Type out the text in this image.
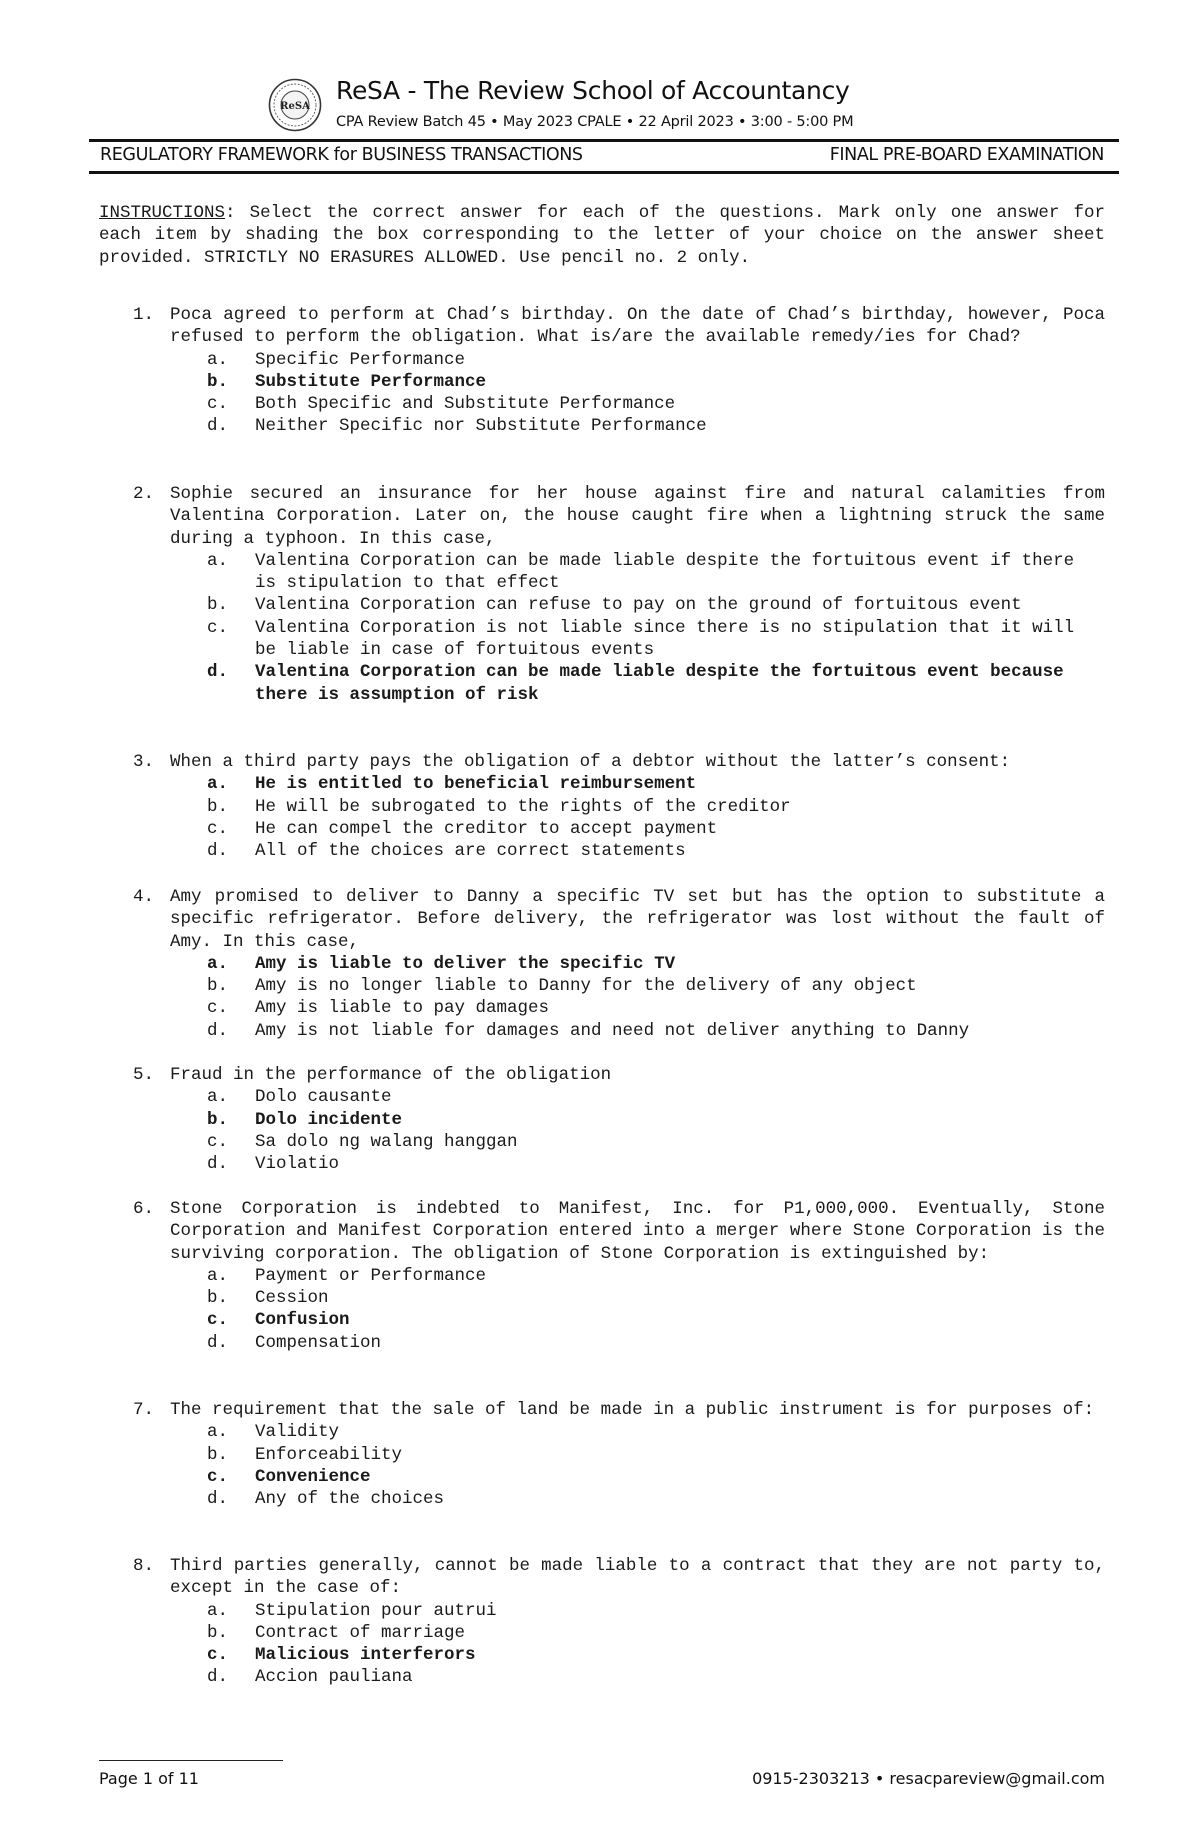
ReSA
ReSA - The Review School of Accountancy
CPA Review Batch 45 • May 2023 CPALE • 22 April 2023 • 3:00 - 5:00 PM
REGULATORY FRAMEWORK for BUSINESS TRANSACTIONS	FINAL PRE-BOARD EXAMINATION
INSTRUCTIONS: Select the correct answer for each of the questions. Mark only one answer for each item by shading the box corresponding to the letter of your choice on the answer sheet provided. STRICTLY NO ERASURES ALLOWED. Use pencil no. 2 only.
1. Poca agreed to perform at Chad’s birthday. On the date of Chad’s birthday, however, Poca refused to perform the obligation. What is/are the available remedy/ies for Chad?
a. Specific Performance
b. Substitute Performance
c. Both Specific and Substitute Performance
d. Neither Specific nor Substitute Performance
2. Sophie secured an insurance for her house against fire and natural calamities from Valentina Corporation. Later on, the house caught fire when a lightning struck the same during a typhoon. In this case,
a. Valentina Corporation can be made liable despite the fortuitous event if there is stipulation to that effect
b. Valentina Corporation can refuse to pay on the ground of fortuitous event
c. Valentina Corporation is not liable since there is no stipulation that it will be liable in case of fortuitous events
d. Valentina Corporation can be made liable despite the fortuitous event because there is assumption of risk
3. When a third party pays the obligation of a debtor without the latter’s consent:
a. He is entitled to beneficial reimbursement
b. He will be subrogated to the rights of the creditor
c. He can compel the creditor to accept payment
d. All of the choices are correct statements
4. Amy promised to deliver to Danny a specific TV set but has the option to substitute a specific refrigerator. Before delivery, the refrigerator was lost without the fault of Amy. In this case,
a. Amy is liable to deliver the specific TV
b. Amy is no longer liable to Danny for the delivery of any object
c. Amy is liable to pay damages
d. Amy is not liable for damages and need not deliver anything to Danny
5. Fraud in the performance of the obligation
a. Dolo causante
b. Dolo incidente
c. Sa dolo ng walang hanggan
d. Violatio
6. Stone Corporation is indebted to Manifest, Inc. for P1,000,000. Eventually, Stone Corporation and Manifest Corporation entered into a merger where Stone Corporation is the surviving corporation. The obligation of Stone Corporation is extinguished by:
a. Payment or Performance
b. Cession
c. Confusion
d. Compensation
7. The requirement that the sale of land be made in a public instrument is for purposes of:
a. Validity
b. Enforceability
c. Convenience
d. Any of the choices
8. Third parties generally, cannot be made liable to a contract that they are not party to, except in the case of:
a. Stipulation pour autrui
b. Contract of marriage
c. Malicious interferors
d. Accion pauliana
Page 1 of 11	0915-2303213 • resacpareview@gmail.com
